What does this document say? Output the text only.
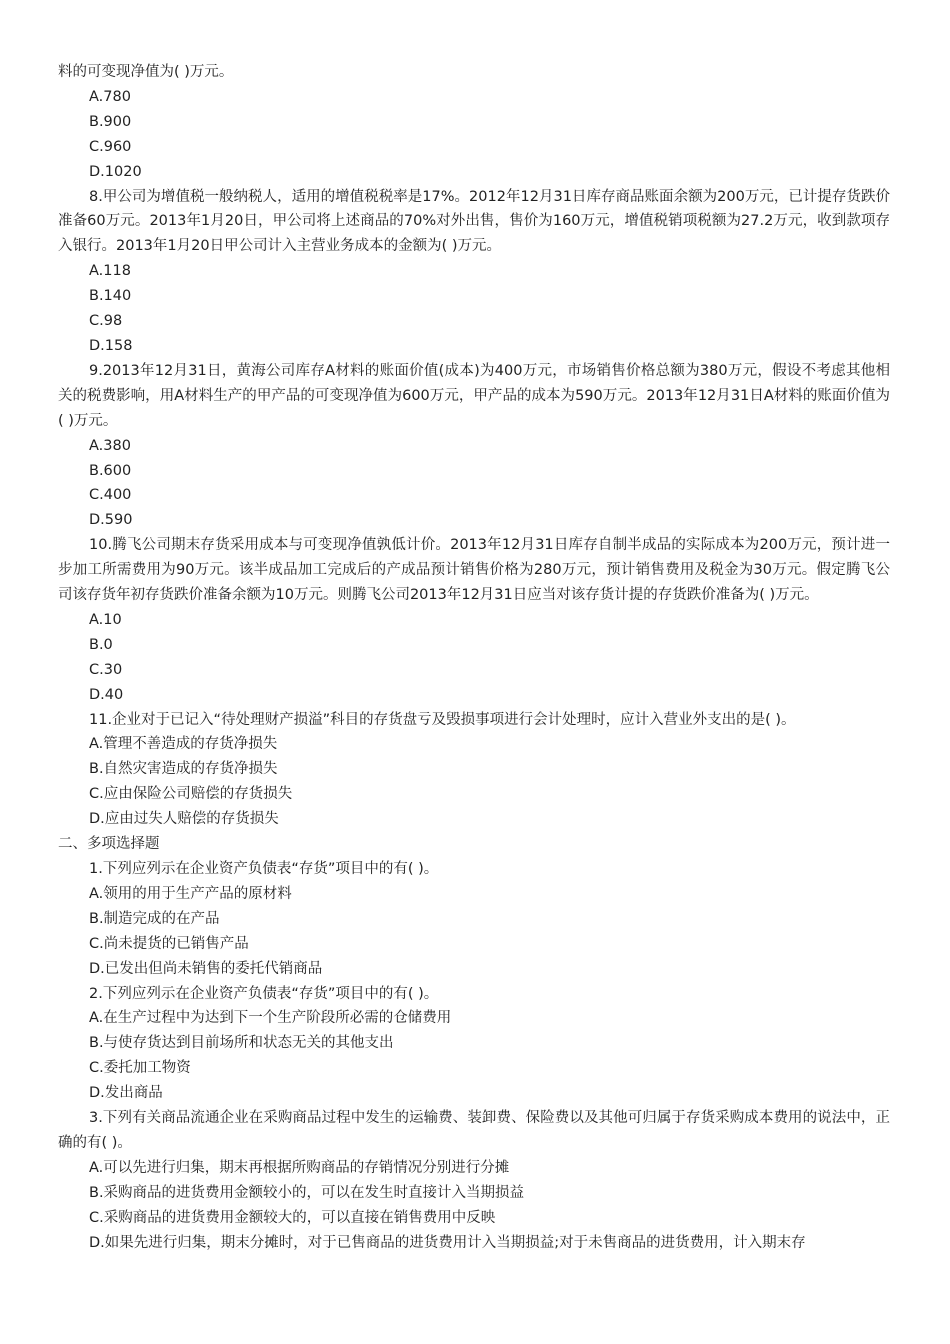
料的可变现净值为( )万元。

A.780

B.900

C.960

D.1020

8.甲公司为增值税一般纳税人，适用的增值税税率是17%。2012年12月31日库存商品账面余额为200万元，已计提存货跌价准备60万元。2013年1月20日，甲公司将上述商品的70%对外出售，售价为160万元，增值税销项税额为27.2万元，收到款项存入银行。2013年1月20日甲公司计入主营业务成本的金额为( )万元。

A.118

B.140

C.98

D.158

9.2013年12月31日，黄海公司库存A材料的账面价值(成本)为400万元，市场销售价格总额为380万元，假设不考虑其他相关的税费影响，用A材料生产的甲产品的可变现净值为600万元，甲产品的成本为590万元。2013年12月31日A材料的账面价值为( )万元。

A.380

B.600

C.400

D.590

10.腾飞公司期末存货采用成本与可变现净值孰低计价。2013年12月31日库存自制半成品的实际成本为200万元，预计进一步加工所需费用为90万元。该半成品加工完成后的产成品预计销售价格为280万元，预计销售费用及税金为30万元。假定腾飞公司该存货年初存货跌价准备余额为10万元。则腾飞公司2013年12月31日应当对该存货计提的存货跌价准备为( )万元。

A.10

B.0

C.30

D.40

11.企业对于已记入“待处理财产损溢”科目的存货盘亏及毁损事项进行会计处理时，应计入营业外支出的是( )。

A.管理不善造成的存货净损失

B.自然灾害造成的存货净损失

C.应由保险公司赔偿的存货损失

D.应由过失人赔偿的存货损失

二、多项选择题

1.下列应列示在企业资产负债表“存货”项目中的有( )。

A.领用的用于生产产品的原材料

B.制造完成的在产品

C.尚未提货的已销售产品

D.已发出但尚未销售的委托代销商品

2.下列应列示在企业资产负债表“存货”项目中的有( )。

A.在生产过程中为达到下一个生产阶段所必需的仓储费用

B.与使存货达到目前场所和状态无关的其他支出

C.委托加工物资

D.发出商品

3.下列有关商品流通企业在采购商品过程中发生的运输费、装卸费、保险费以及其他可归属于存货采购成本费用的说法中，正确的有( )。

A.可以先进行归集，期末再根据所购商品的存销情况分别进行分摊

B.采购商品的进货费用金额较小的，可以在发生时直接计入当期损益

C.采购商品的进货费用金额较大的，可以直接在销售费用中反映

D.如果先进行归集，期末分摊时，对于已售商品的进货费用计入当期损益;对于未售商品的进货费用，计入期末存
